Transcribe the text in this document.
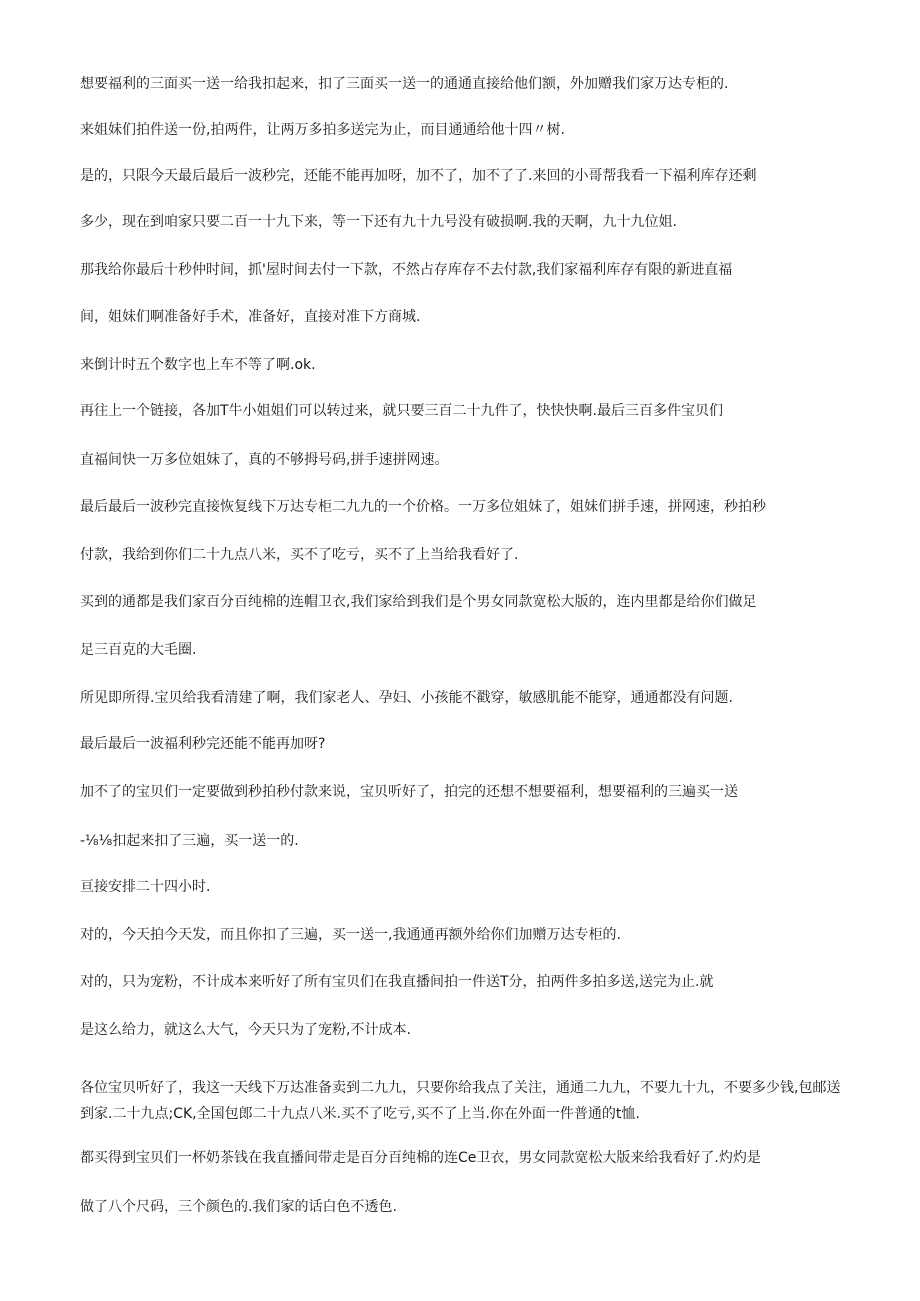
想要福利的三面买一送一给我扣起来，扣了三面买一送一的通通直接给他们额，外加赠我们家万达专柜的.
来姐妹们拍件送一份,拍两件，让两万多拍多送完为止，而目通通给他十四〃树.
是的，只限今天最后最后一波秒完，还能不能再加呀，加不了，加不了了.来回的小哥帮我看一下福利库存还剩
多少，现在到咱家只要二百一十九下来，等一下还有九十九号没有破损啊.我的天啊，九十九位姐.
那我给你最后十秒仲时间，抓'屋时间去付一下款，不然占存库存不去付款,我们家福利库存有限的新进直福
间，姐妹们啊准备好手术，准备好，直接对准下方商城.
来倒计时五个数字也上车不等了啊.ok.
再往上一个链接，各加T牛小姐姐们可以转过来，就只要三百二十九件了，快快快啊.最后三百多件宝贝们
直福间快一万多位姐妹了，真的不够拇号码,拼手速拼网速。
最后最后一波秒完直接恢复线下万达专柜二九九的一个价格。一万多位姐妹了，姐妹们拼手速，拼网速，秒拍秒
付款，我给到你们二十九点八米，买不了吃亏，买不了上当给我看好了.
买到的通都是我们家百分百纯棉的连帽卫衣,我们家给到我们是个男女同款宽松大版的，连内里都是给你们做足
足三百克的大毛圈.
所见即所得.宝贝给我看清建了啊，我们家老人、孕妇、小孩能不戳穿，敏感肌能不能穿，通通都没有问题.
最后最后一波福利秒完还能不能再加呀?
加不了的宝贝们一定要做到秒拍秒付款来说，宝贝听好了，拍完的还想不想要福利，想要福利的三遍买一送
-⅛⅛扣起来扣了三遍，买一送一的.
亘接安排二十四小时.
对的，今天拍今天发，而且你扣了三遍，买一送一,我通通再额外给你们加赠万达专柜的.
对的，只为宠粉，不计成本来听好了所有宝贝们在我直播间拍一件送T分，拍两件多拍多送,送完为止.就
是这么给力，就这么大气，今天只为了宠粉,不计成本.
各位宝贝听好了，我这一天线下万达准备卖到二九九，只要你给我点了关注，通通二九九，不要九十九，不要多少钱,包邮送到家.二十九点;CK,全国包郎二十九点八米.买不了吃亏,买不了上当.你在外面一件普通的t恤.
都买得到宝贝们一杯奶茶钱在我直播间带走是百分百纯棉的连Ce卫衣，男女同款宽松大版来给我看好了.灼灼是
做了八个尺码，三个颜色的.我们家的话白色不透色.
